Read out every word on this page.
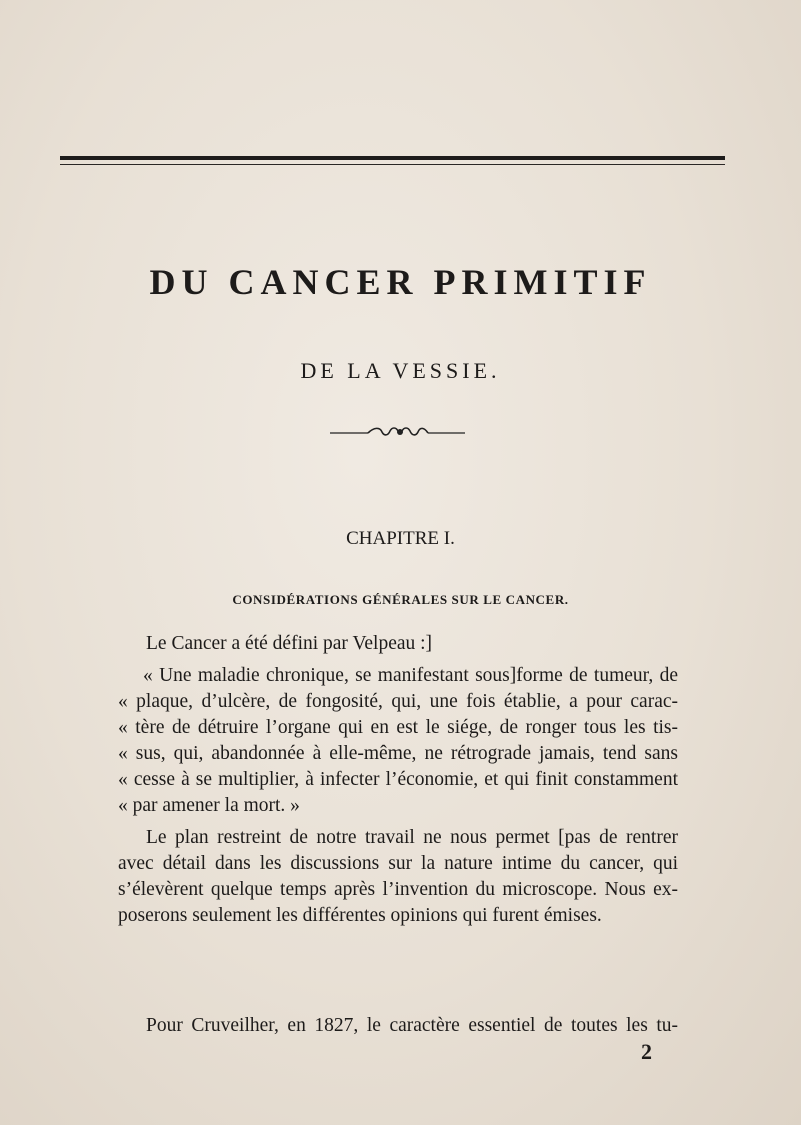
DU CANCER PRIMITIF
DE LA VESSIE.
CHAPITRE I.
CONSIDÉRATIONS GÉNÉRALES SUR LE CANCER.
Le Cancer a été défini par Velpeau :]
« Une maladie chronique, se manifestant sous]forme de tumeur, de
« plaque, d’ulcère, de fongosité, qui, une fois établie, a pour carac-
« tère de détruire l’organe qui en est le siége, de ronger tous les tis-
« sus, qui, abandonnée à elle-même, ne rétrograde jamais, tend sans
« cesse à se multiplier, à infecter l’économie, et qui finit constamment
« par amener la mort. »
Le plan restreint de notre travail ne nous permet [pas de rentrer
avec détail dans les discussions sur la nature intime du cancer, qui
s’élevèrent quelque temps après l’invention du microscope. Nous ex-
poserons seulement les différentes opinions qui furent émises.
Pour Cruveilher, en 1827, le caractère essentiel de toutes les tu-
2
